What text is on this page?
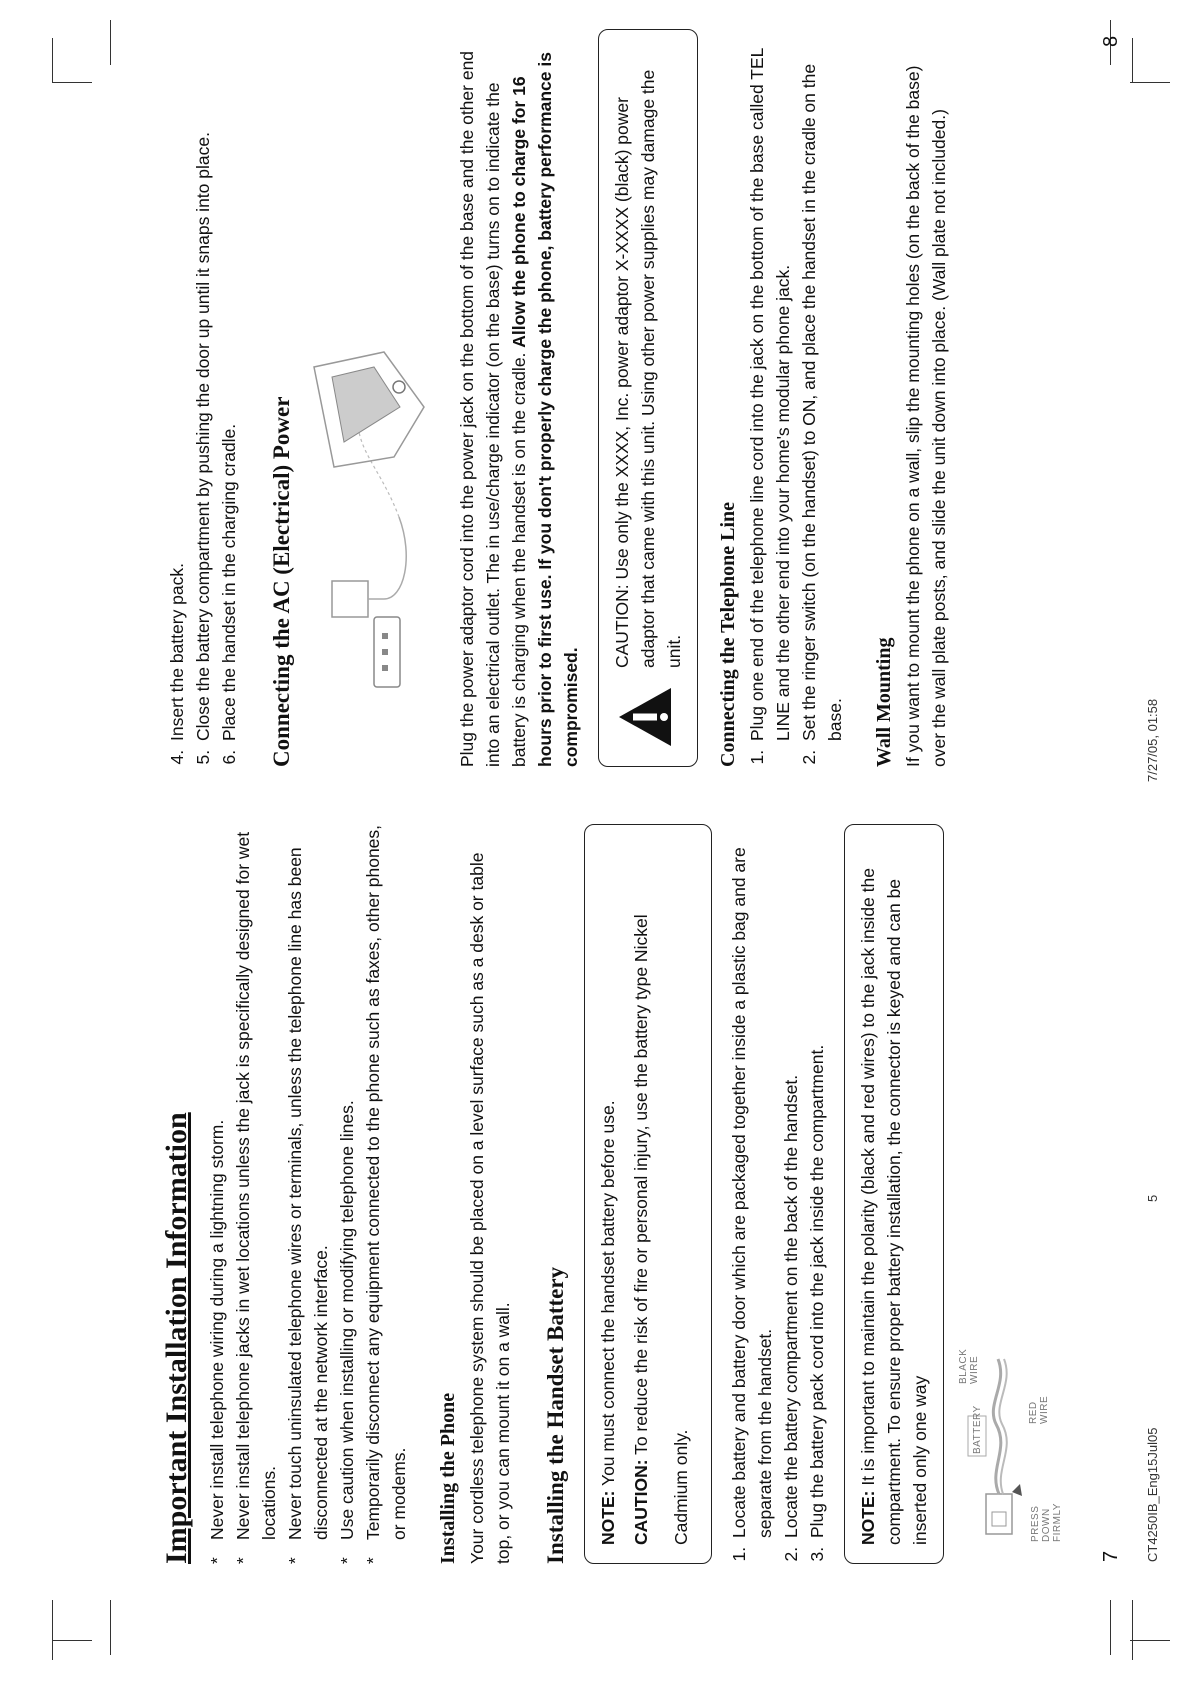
Important Installation Information * Never install telephone wiring during a lightning storm. * Never install telephone jacks in wet locations unless the jack is specifically designed for wet locations. * Never touch uninsulated telephone wires or terminals, unless the telephone line has been disconnected at the network interface. * Use caution when installing or modifying telephone lines. * Temporarily disconnect any equipment connected to the phone such as faxes, other phones, or modems. Installing the Phone Your cordless telephone system should be placed on a level surface such as a desk or table top, or you can mount it on a wall. Installing the Handset Battery NOTE: You must connect the handset battery before use.

CAUTION: To reduce the risk of fire or personal injury, use the battery type Nickel Cadmium only.	1. Locate battery and battery door which are packaged together inside a plastic bag and are separate from the handset. 2. Locate the battery compartment on the back of the handset. 3. Plug the battery pack cord into the jack inside the compartment. NOTE: It is important to maintain the polarity (black and red wires) to the jack inside the compartment. To ensure proper battery installation, the connector is keyed and can be inserted only one way	PRESS DOWN FIRMLY
BATTERY	RED WIRE
BLACK WIRE
7
4. Insert the battery pack. 5. Close the battery compartment by pushing the door up until it snaps into place. 6. Place the handset in the charging cradle. Connecting the AC (Electrical) Power	Plug the power adaptor cord into the power jack on the bottom of the base and the other end into an electrical outlet. The in use/charge indicator (on the base) turns on to indicate the battery is charging when the handset is on the cradle. Allow the phone to charge for 16 hours prior to first use. If you don't properly charge the phone, battery performance is compromised.

CAUTION: Use only the XXXX, Inc. power adaptor X-XXXX (black) power adaptor that came with this unit. Using other power supplies may damage the unit. Connecting the Telephone Line 1. Plug one end of the telephone line cord into the jack on the bottom of the base called TEL LINE and the other end into your home's modular phone jack. 2. Set the ringer switch (on the handset) to ON, and place the handset in the cradle on the base. Wall Mounting If you want to mount the phone on a wall, slip the mounting holes (on the back of the base) over the wall plate posts, and slide the unit down into place. (Wall plate not included.)

8
CT4250IB_Eng15Jul05
5
7/27/05, 01:58
